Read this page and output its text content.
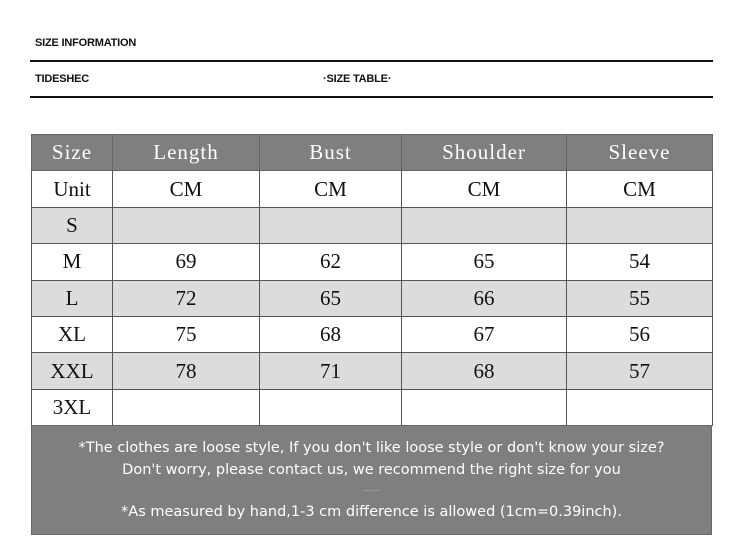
SIZE INFORMATION
TIDESHEC	·SIZE TABLE·
Size	Length	Bust	Shoulder	Sleeve
Unit	CM	CM	CM	CM
S				
M	69	62	65	54
L	72	65	66	55
XL	75	68	67	56
XXL	78	71	68	57
3XL				
*The clothes are loose style, If you don't like loose style or don't know your size?
Don't worry, please contact us, we recommend the right size for you
———
*As measured by hand,1-3 cm difference is allowed (1cm=0.39inch).
